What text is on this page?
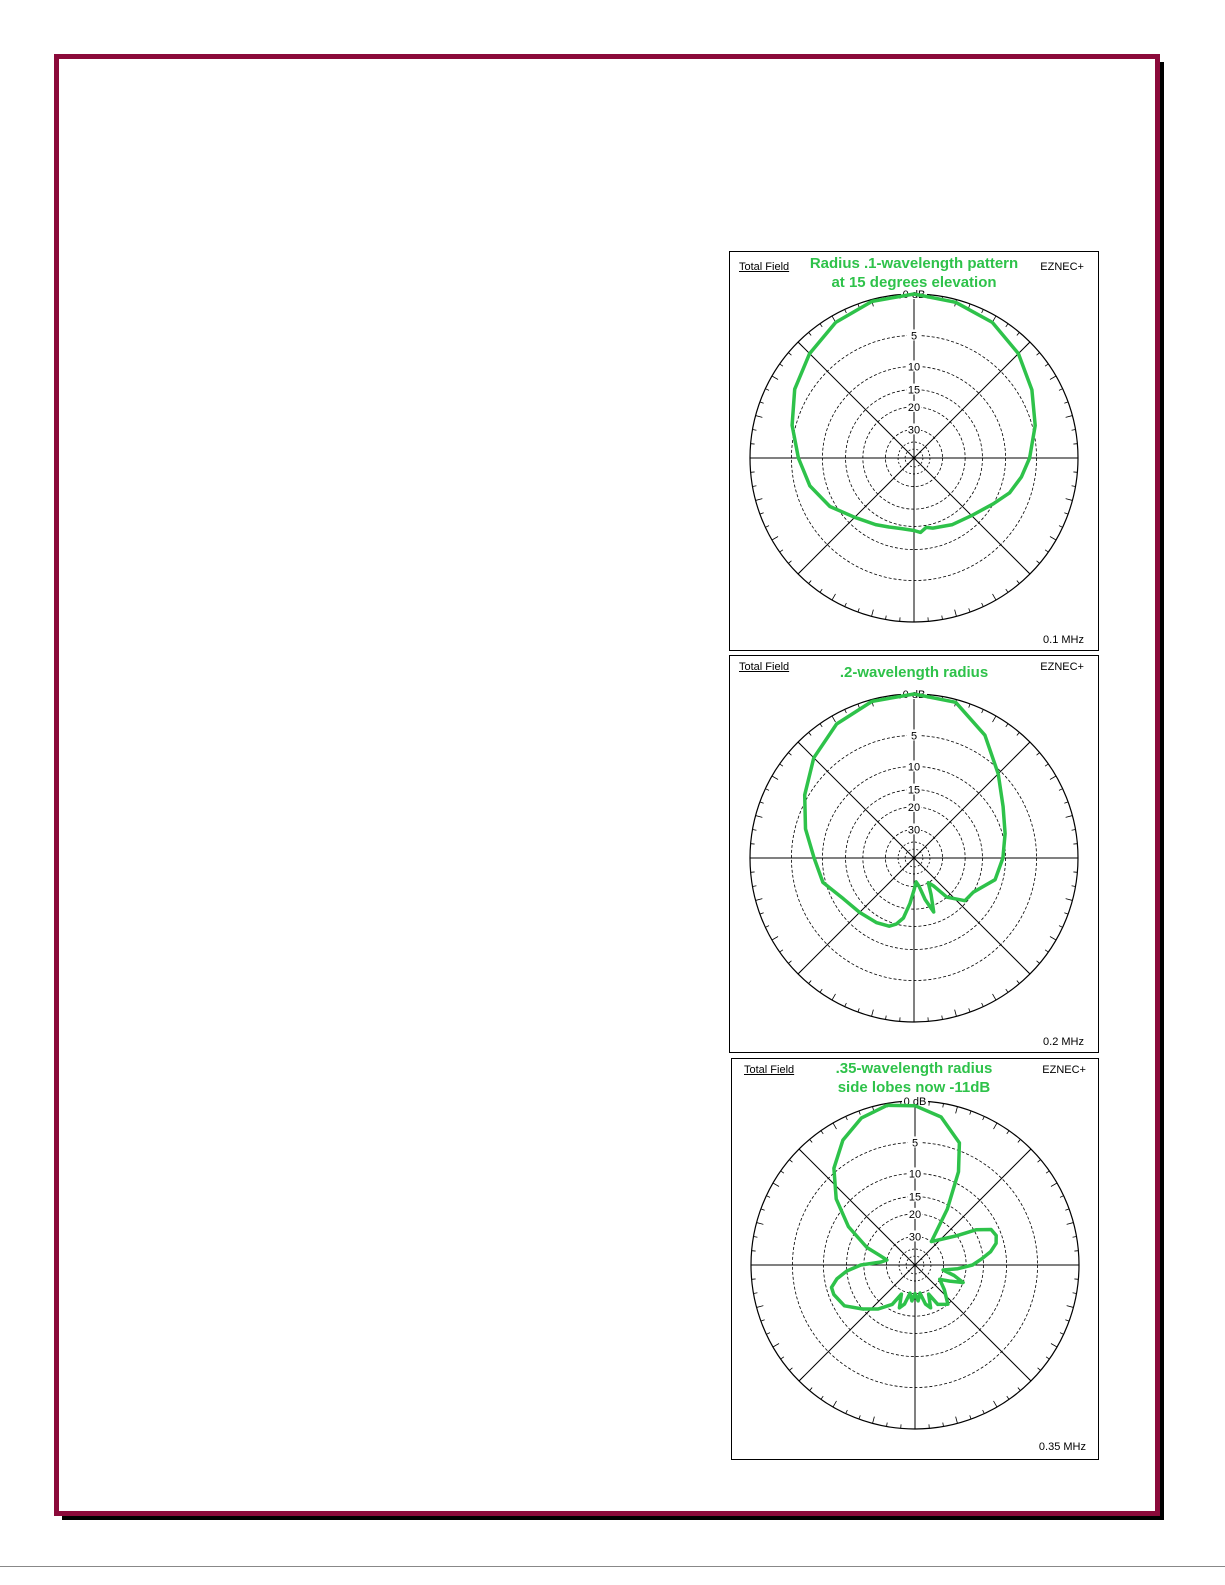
0 dB
5
10
15
20
30
Total Field	EZNEC+
Radius .1-wavelength pattern
at 15 degrees elevation
0.1 MHz
0 dB
5
10
15
20
30
Total Field	EZNEC+
.2-wavelength radius
0.2 MHz
0 dB
5
10
15
20
30
Total Field	EZNEC+
.35-wavelength radius
side lobes now -11dB
0.35 MHz
